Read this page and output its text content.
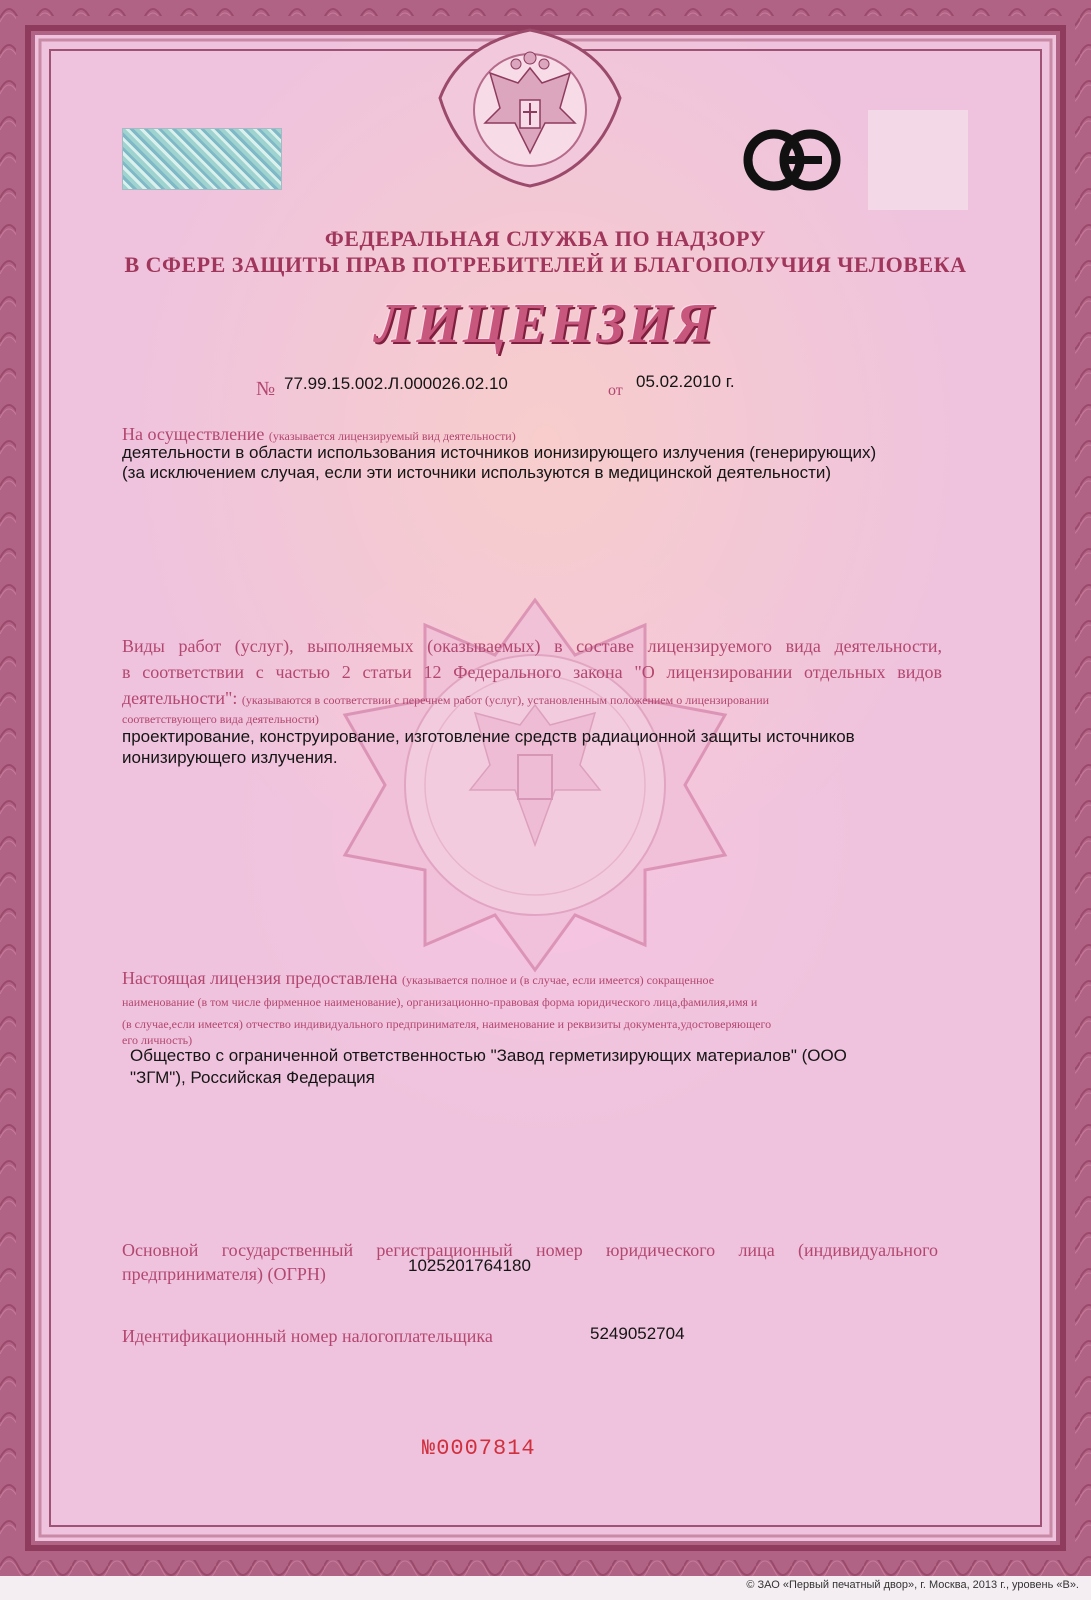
ФЕДЕРАЛЬНАЯ СЛУЖБА ПО НАДЗОРУ
В СФЕРЕ ЗАЩИТЫ ПРАВ ПОТРЕБИТЕЛЕЙ И БЛАГОПОЛУЧИЯ ЧЕЛОВЕКА
ЛИЦЕНЗИЯ
№ 77.99.15.002.Л.000026.02.10	от 05.02.2010 г.
На осуществление (указывается лицензируемый вид деятельности)
деятельности в области использования источников ионизирующего излучения (генерирующих)
(за исключением случая, если эти источники используются в медицинской деятельности)
Виды работ (услуг), выполняемых (оказываемых) в составе лицензируемого вида деятельности,
в соответствии с частью 2 статьи 12 Федерального закона "О лицензировании отдельных видов
деятельности": (указываются в соответствии с перечнем работ (услуг), установленным положением о лицензировании
соответствующего вида деятельности)
проектирование, конструирование, изготовление средств радиационной защиты источников
ионизирующего излучения.
Настоящая лицензия предоставлена (указывается полное и (в случае, если имеется) сокращенное
наименование (в том числе фирменное наименование), организационно-правовая форма юридического лица,фамилия,имя и
(в случае,если имеется) отчество индивидуального предпринимателя, наименование и реквизиты документа,удостоверяющего
его личность)
Общество с ограниченной ответственностью "Завод герметизирующих материалов" (ООО
"ЗГМ"), Российская Федерация
Основной государственный регистрационный номер юридического лица (индивидуального
предпринимателя) (ОГРН)	1025201764180
Идентификационный номер налогоплательщика	5249052704
№0007814
© ЗАО «Первый печатный двор», г. Москва, 2013 г., уровень «В».
